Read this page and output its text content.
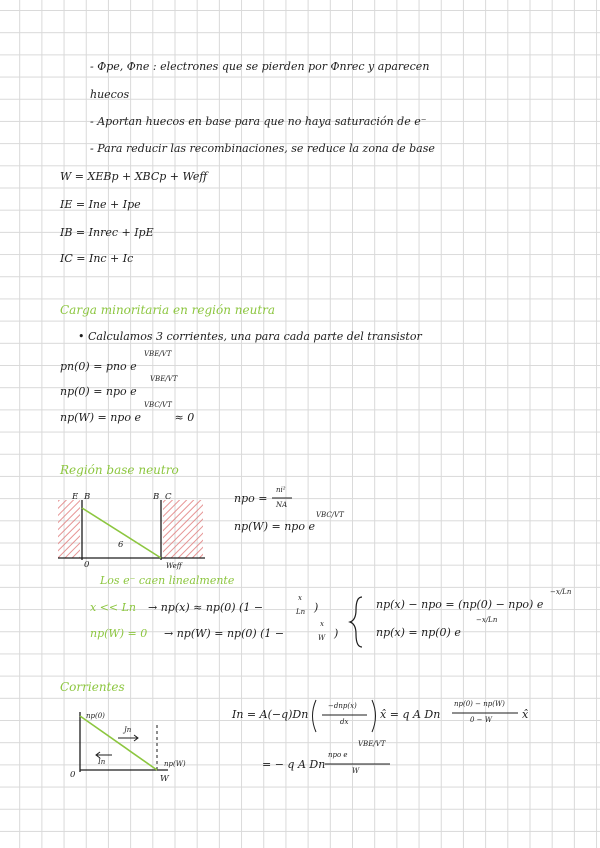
- Φpe, Φne : electrones que se pierden por Φnrec y aparecen
huecos
- Aportan huecos en base para que no haya saturación de e⁻
- Para reducir las recombinaciones, se reduce la zona de base
W = XEBp + XBCp + Weff
IE = Ine + Ipe
IB = Inrec + IpE
IC = Inc + Ic
Carga minoritaria en región neutra
• Calculamos 3 corrientes, una para cada parte del transistor
pn(0) = pno e
VBE/VT
np(0) = npo e
VBE/VT
np(W) = npo e	≈ 0
VBC/VT
Región base neutro
E B	B C
0	Weff
6
npo =
ni²
NA
np(W) = npo e
VBC/VT
Los e⁻ caen linealmente
x << Ln → np(x) ≈ np(0) (1 −
x
Ln )
np(W) = 0 → np(W) = np(0) (1 −
x
W )
np(x) − npo = (np(0) − npo) e
−x/Ln
np(x) = np(0) e
−x/Ln
Corrientes
np(0)
Jn
In	np(W)
0	W
In = A(−q)Dn
−dnp(x)
dx
x̂ = q A Dn
np(0) − np(W)
0 − W	x̂
= − q A Dn
npo e
VBE/VT
W
